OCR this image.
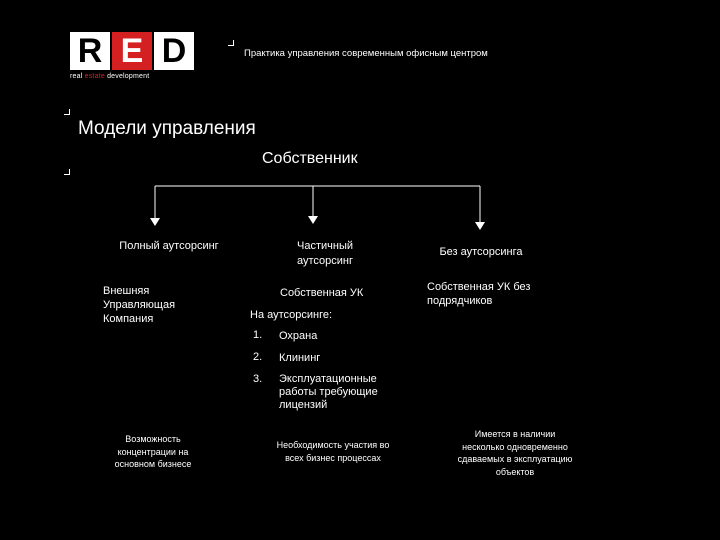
R E D
real estate development
Практика управления современным офисным центром
Модели управления
Собственник
Полный аутсорсинг
Внешняя
Управляющая
Компания
Возможность
концентрации на
основном бизнесе
Частичный
аутсорсинг
Собственная УК
На аутсорсинге:
1. Охрана
2. Клининг
3. Эксплуатационные
работы требующие
лицензий
Необходимость участия во
всех бизнес процессах
Без аутсорсинга
Собственная УК без
подрядчиков
Имеется в наличии
несколько одновременно
сдаваемых в эксплуатацию
объектов
